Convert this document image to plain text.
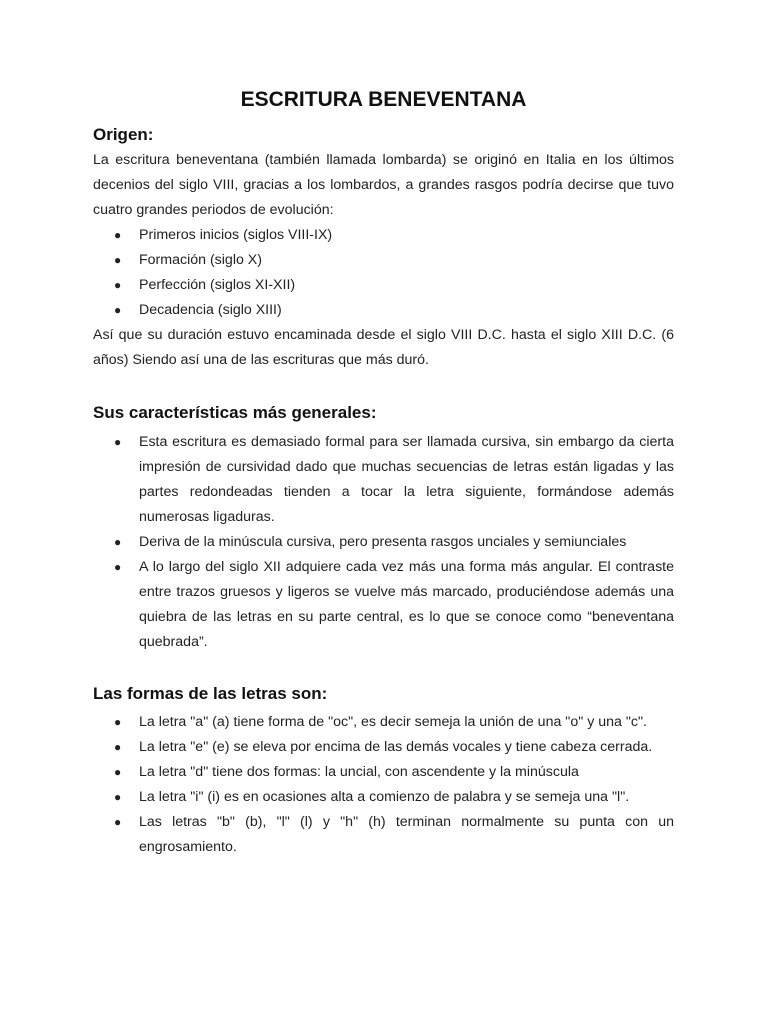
ESCRITURA BENEVENTANA
Origen:

La escritura beneventana (también llamada lombarda) se originó en Italia en los últimos decenios del siglo VIII, gracias a los lombardos, a grandes rasgos podría decirse que tuvo cuatro grandes periodos de evolución:

● Primeros inicios (siglos VIII-IX)
● Formación (siglo X)
● Perfección (siglos XI-XII)
● Decadencia (siglo XIII)

Así que su duración estuvo encaminada desde el siglo VIII D.C. hasta el siglo XIII D.C. (6 años) Siendo así una de las escrituras que más duró.

Sus características más generales:
● Esta escritura es demasiado formal para ser llamada cursiva, sin embargo da cierta impresión de cursividad dado que muchas secuencias de letras están ligadas y las partes redondeadas tienden a tocar la letra siguiente, formándose además numerosas ligaduras.
● Deriva de la minúscula cursiva, pero presenta rasgos unciales y semiunciales
● A lo largo del siglo XII adquiere cada vez más una forma más angular. El contraste entre trazos gruesos y ligeros se vuelve más marcado, produciéndose además una quiebra de las letras en su parte central, es lo que se conoce como “beneventana quebrada”.
Las formas de las letras son:
● La letra "a" (a) tiene forma de "oc", es decir semeja la unión de una "o" y una "c".
● La letra "e" (e) se eleva por encima de las demás vocales y tiene cabeza cerrada.
● La letra "d" tiene dos formas: la uncial, con ascendente y la minúscula
● La letra "i" (i) es en ocasiones alta a comienzo de palabra y se semeja una "l".
● Las letras "b" (b), "l" (l) y "h" (h) terminan normalmente su punta con un engrosamiento.
